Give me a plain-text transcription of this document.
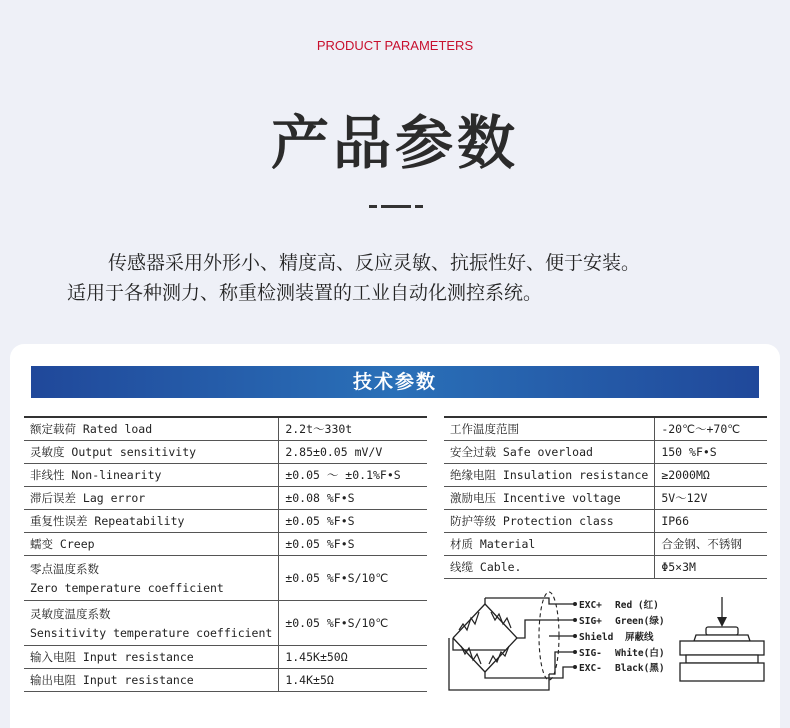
PRODUCT PARAMETERS
产品参数
传感器采用外形小、精度高、反应灵敏、抗振性好、便于安装。
适用于各种测力、称重检测装置的工业自动化测控系统。
技术参数
额定载荷 Rated load	2.2t～330t
灵敏度 Output sensitivity	2.85±0.05 mV/V
非线性 Non-linearity	±0.05 ～ ±0.1%F•S
滞后误差 Lag error	±0.08 %F•S
重复性误差 Repeatability	±0.05 %F•S
蠕变 Creep	±0.05 %F•S
零点温度系数
Zero temperature coefficient	±0.05 %F•S/10℃
灵敏度温度系数
Sensitivity temperature coefficient	±0.05 %F•S/10℃
输入电阻 Input resistance	1.45K±50Ω
输出电阻 Input resistance	1.4K±5Ω
工作温度范围	-20℃～+70℃
安全过载 Safe overload	150 %F•S
绝缘电阻 Insulation resistance	≥2000MΩ
激励电压 Incentive voltage	5V～12V
防护等级 Protection class	IP66
材质 Material	合金钢、不锈钢
线缆 Cable.	Φ5×3M
EXC+ Red (红)
SIG+ Green(绿)
Shield 屏蔽线
SIG- White(白)
EXC- Black(黑)
